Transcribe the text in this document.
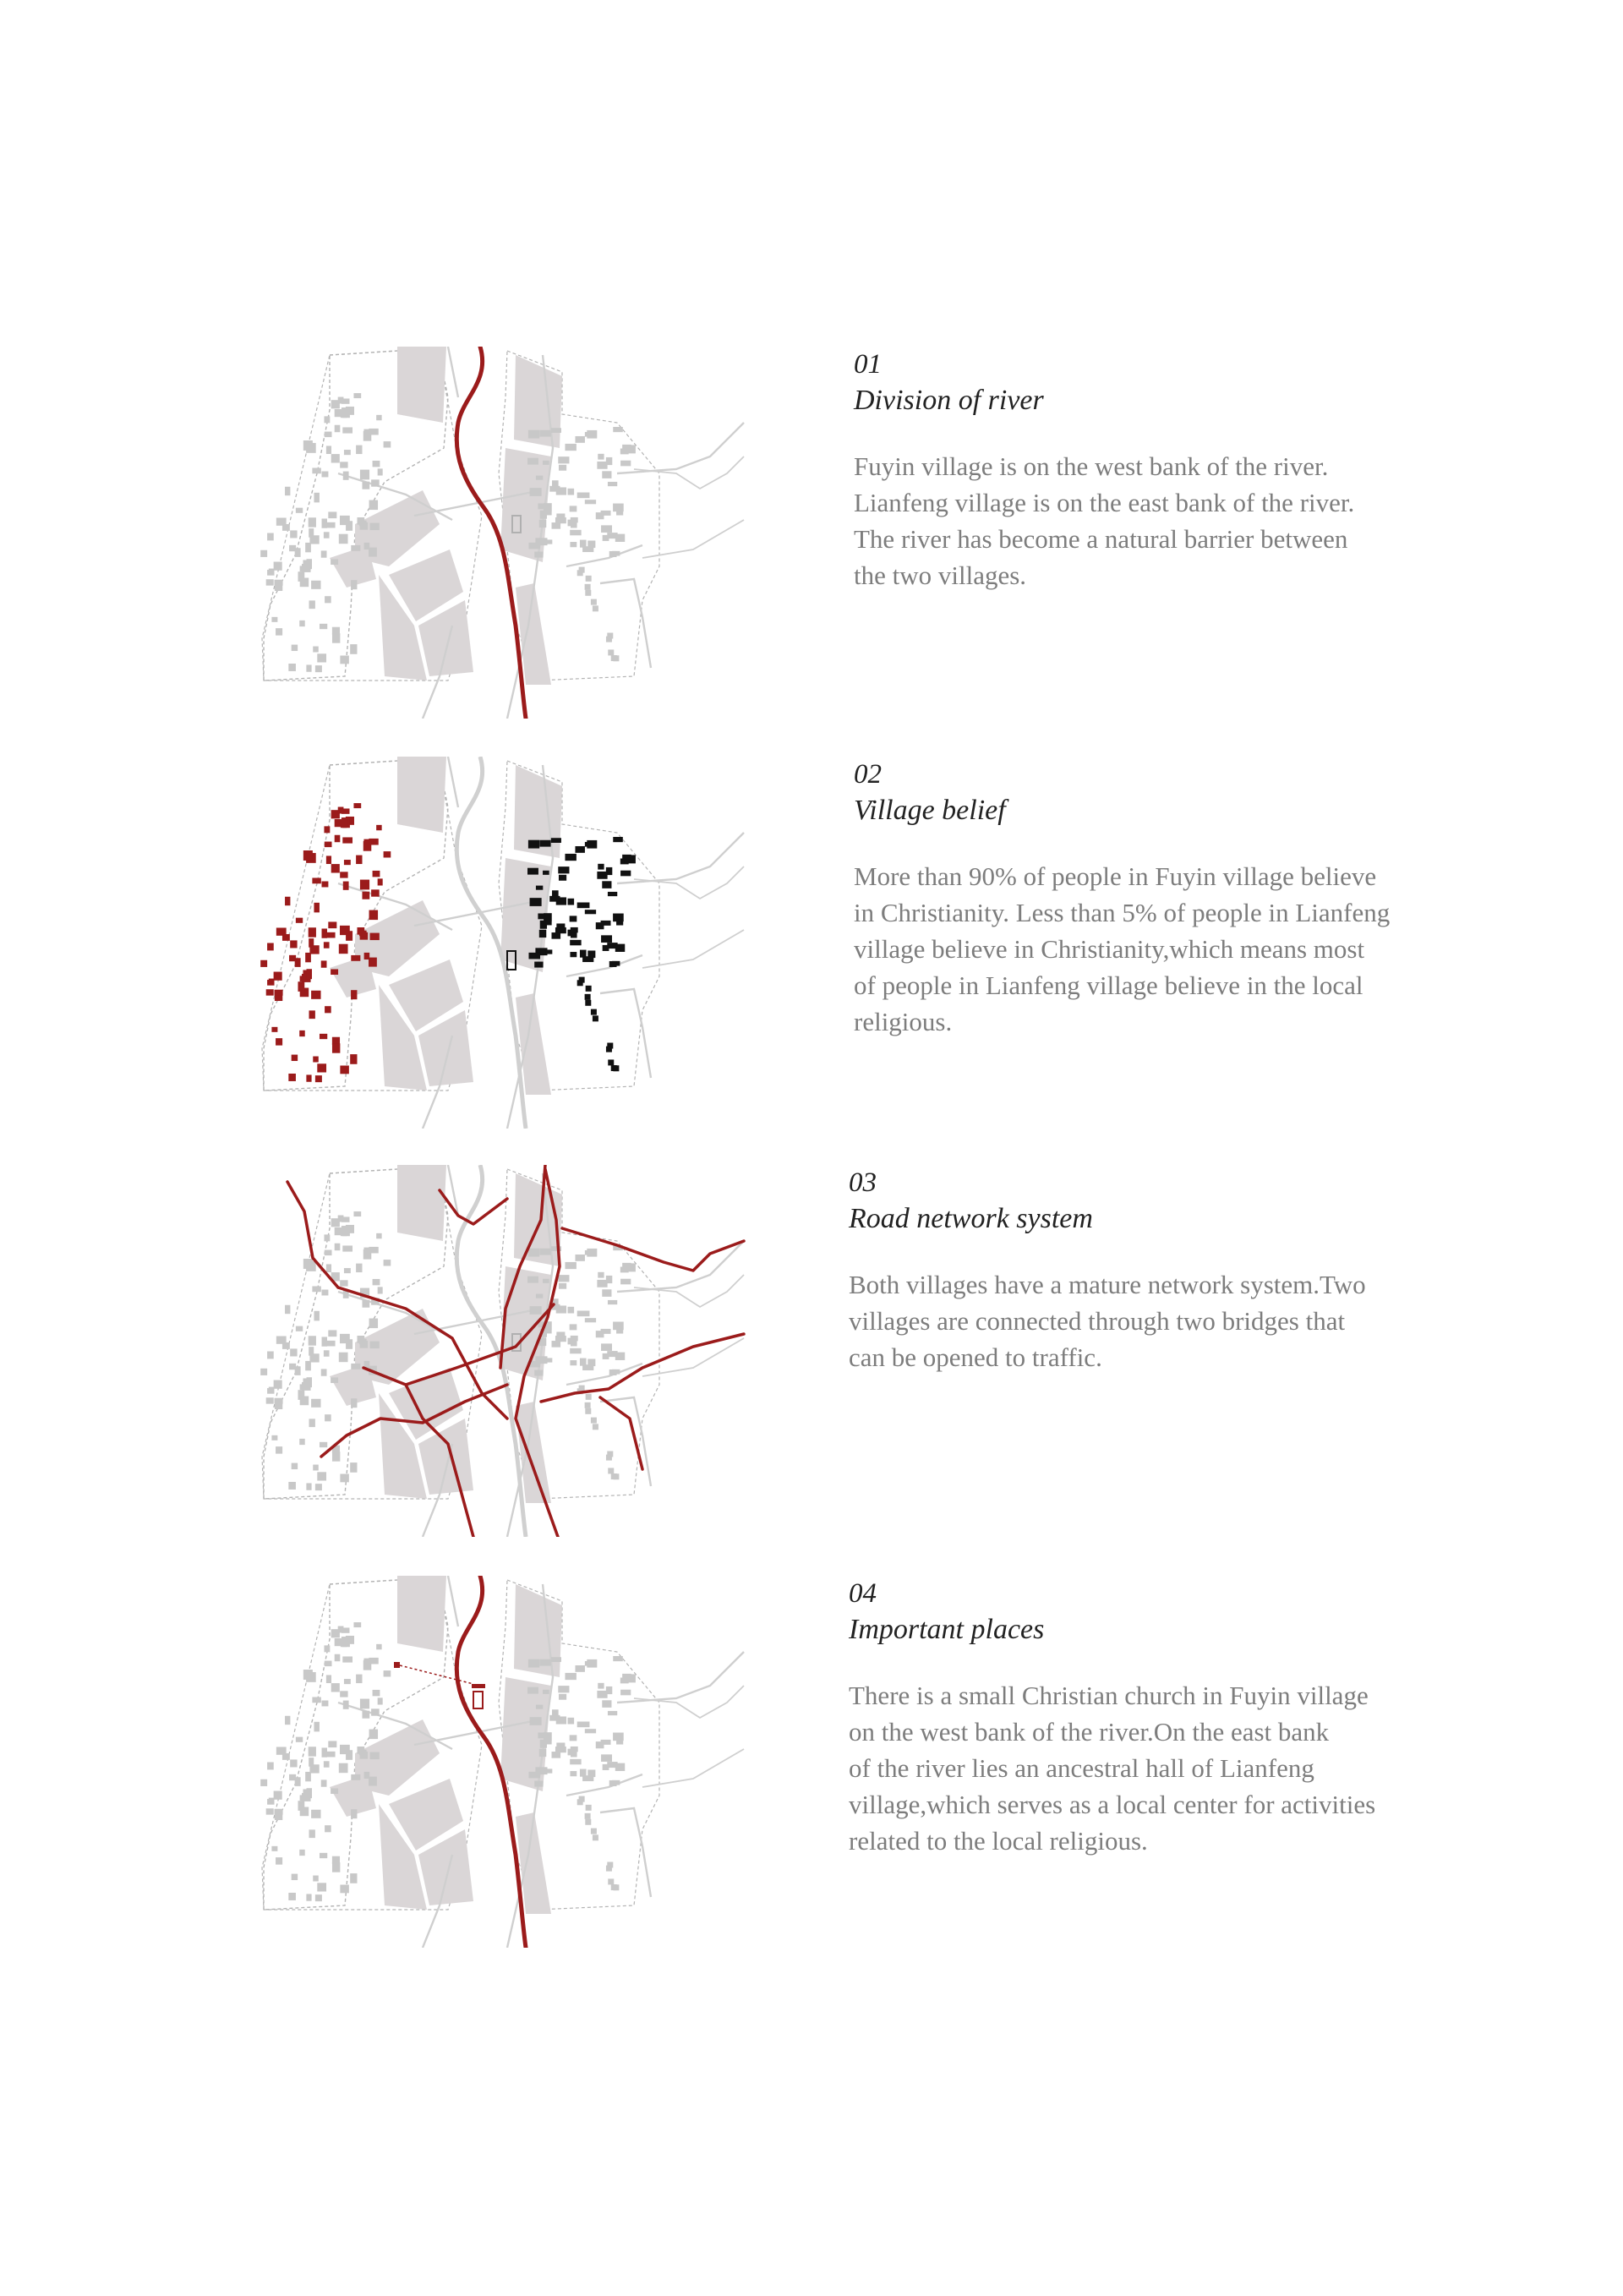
01
Division of river

Fuyin village is on the west bank of the river.

Lianfeng village is on the east bank of the river.

The river has become a natural barrier between

the two villages.

02
Village belief

More than 90% of people in Fuyin village believe

in Christianity. Less than 5% of people in Lianfeng

village believe in Christianity,which means most

of people in Lianfeng village believe in the local

religious.

03
Road network system

Both villages have a mature network system.Two

villages are connected through two bridges that

can be opened to traffic.

04
Important places

There is a small Christian church in Fuyin village

on the west bank of the river.On the east bank

of the river lies an ancestral hall of Lianfeng

village,which serves as a local center for activities

related to the local religious.
